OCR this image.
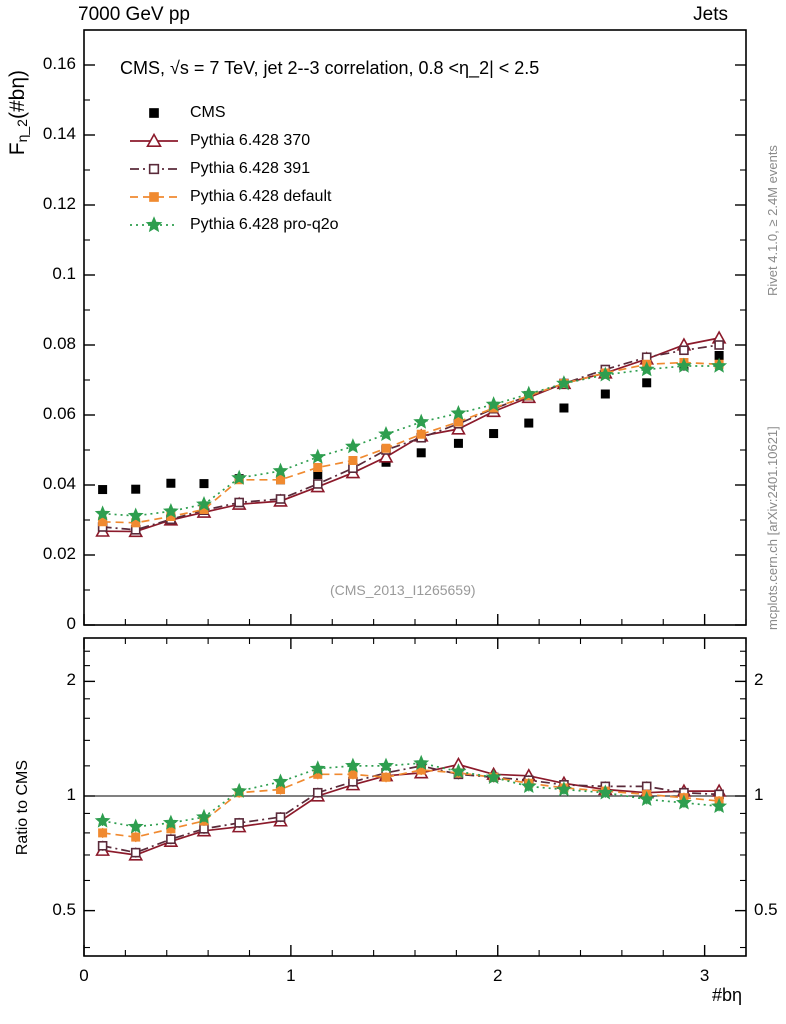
7000 GeV pp	Jets
Rivet 4.1.0, ≥ 2.4M events
mcplots.cern.ch [arXiv:2401.10621]
Fη_2(#bη)
Ratio to CMS
CMS, √s = 7 TeV, jet 2--3 correlation, 0.8 <η_2| < 2.5
(CMS_2013_I1265659)
#bη
0.16
0.14
0.12
0.1
0.08
0.06
0.04
0.02
0
2	2
1	1
0.5	0.5
0	1	2	3
CMS
Pythia 6.428 370
Pythia 6.428 391
Pythia 6.428 default
Pythia 6.428 pro-q2o
